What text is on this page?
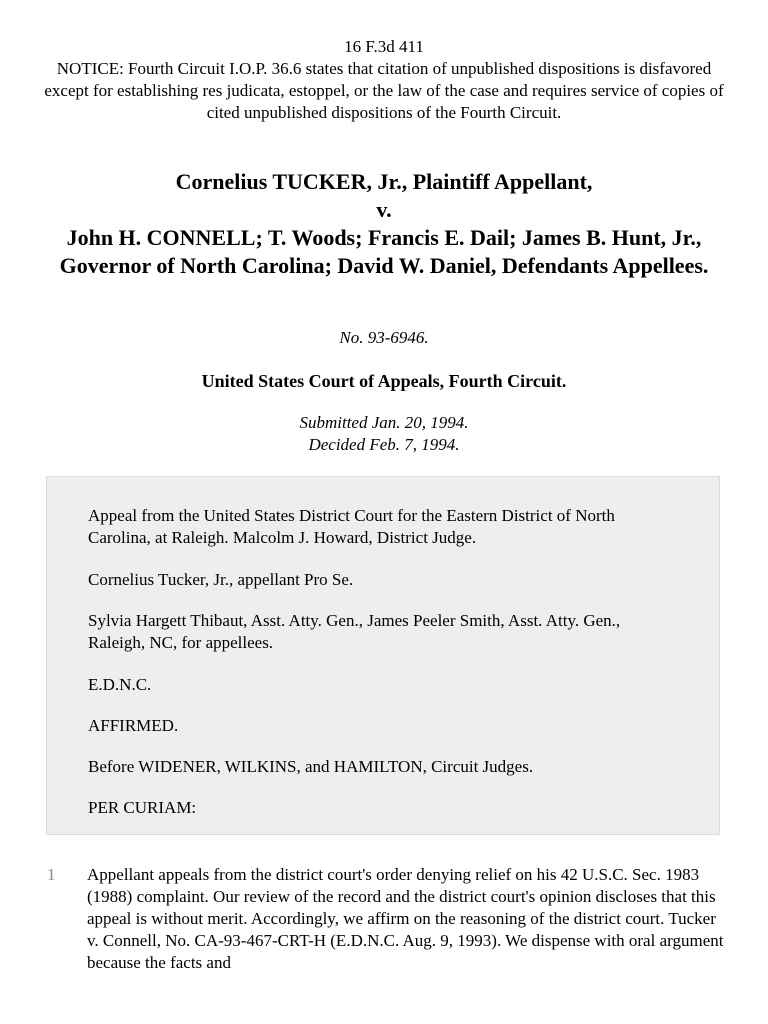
16 F.3d 411
NOTICE: Fourth Circuit I.O.P. 36.6 states that citation of unpublished dispositions is disfavored except for establishing res judicata, estoppel, or the law of the case and requires service of copies of cited unpublished dispositions of the Fourth Circuit.
Cornelius TUCKER, Jr., Plaintiff Appellant,
v.
John H. CONNELL; T. Woods; Francis E. Dail; James B. Hunt, Jr., Governor of North Carolina; David W. Daniel, Defendants Appellees.
No. 93-6946.
United States Court of Appeals, Fourth Circuit.
Submitted Jan. 20, 1994.
Decided Feb. 7, 1994.

Appeal from the United States District Court for the Eastern District of North Carolina, at Raleigh. Malcolm J. Howard, District Judge.

Cornelius Tucker, Jr., appellant Pro Se.

Sylvia Hargett Thibaut, Asst. Atty. Gen., James Peeler Smith, Asst. Atty. Gen., Raleigh, NC, for appellees.

E.D.N.C.

AFFIRMED.

Before WIDENER, WILKINS, and HAMILTON, Circuit Judges.

PER CURIAM:

1 Appellant appeals from the district court's order denying relief on his 42 U.S.C. Sec. 1983 (1988) complaint. Our review of the record and the district court's opinion discloses that this appeal is without merit. Accordingly, we affirm on the reasoning of the district court. Tucker v. Connell, No. CA-93-467-CRT-H (E.D.N.C. Aug. 9, 1993). We dispense with oral argument because the facts and
